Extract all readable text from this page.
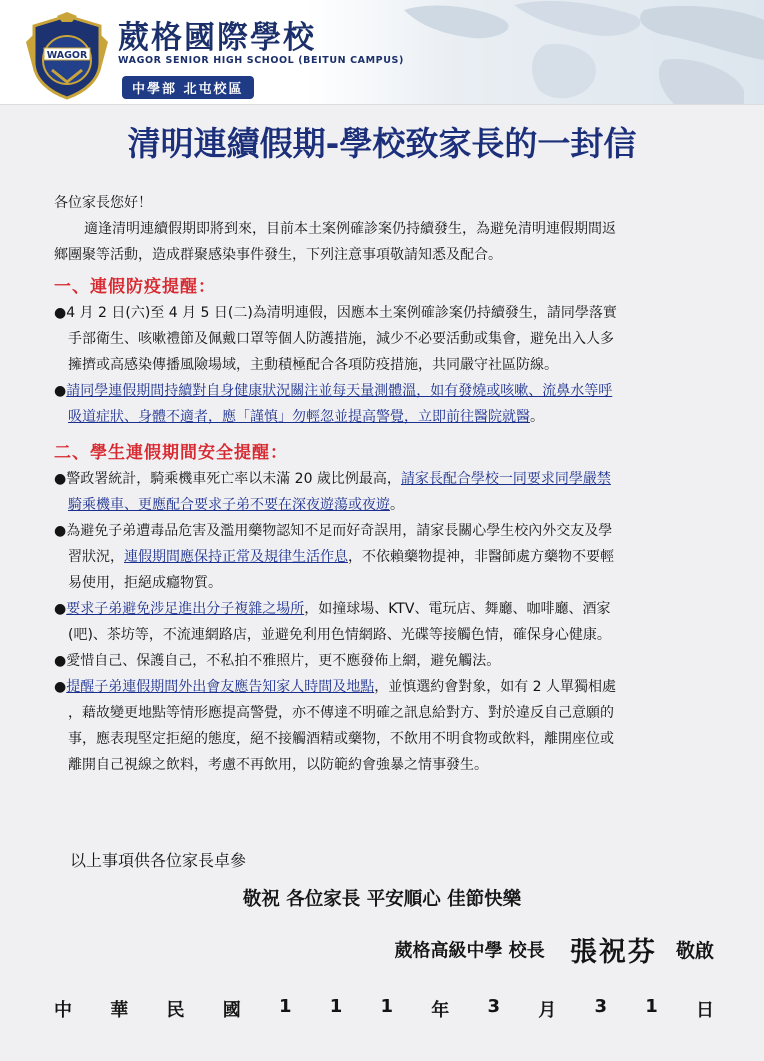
WAGOR 葳格國際學校
WAGOR SENIOR HIGH SCHOOL (BEITUN CAMPUS)
中學部 北屯校區
清明連續假期-學校致家長的一封信
各位家長您好！
適逢清明連續假期即將到來，目前本土案例確診案仍持續發生，為避免清明連假期間返
鄉團聚等活動，造成群聚感染事件發生，下列注意事項敬請知悉及配合。
一、連假防疫提醒：
●4 月 2 日(六)至 4 月 5 日(二)為清明連假，因應本土案例確診案仍持續發生，請同學落實
手部衛生、咳嗽禮節及佩戴口罩等個人防護措施，減少不必要活動或集會，避免出入人多
擁擠或高感染傳播風險場域，主動積極配合各項防疫措施，共同嚴守社區防線。
●請同學連假期間持續對自身健康狀況關注並每天量測體溫，如有發燒或咳嗽、流鼻水等呼
吸道症狀、身體不適者，應「謹慎」勿輕忽並提高警覺，立即前往醫院就醫。
二、學生連假期間安全提醒：
●警政署統計，騎乘機車死亡率以未滿 20 歲比例最高，請家長配合學校一同要求同學嚴禁
騎乘機車、更應配合要求子弟不要在深夜遊蕩或夜遊。
●為避免子弟遭毒品危害及濫用藥物認知不足而好奇誤用，請家長關心學生校內外交友及學
習狀況，連假期間應保持正常及規律生活作息，不依賴藥物提神，非醫師處方藥物不要輕
易使用，拒絕成癮物質。
●要求子弟避免涉足進出分子複雜之場所，如撞球場、KTV、電玩店、舞廳、咖啡廳、酒家
(吧)、茶坊等，不流連網路店，並避免利用色情網路、光碟等接觸色情，確保身心健康。
●愛惜自己、保護自己，不私拍不雅照片，更不應發佈上網，避免觸法。
●提醒子弟連假期間外出會友應告知家人時間及地點，並慎選約會對象，如有 2 人單獨相處
，藉故變更地點等情形應提高警覺，亦不傳達不明確之訊息給對方、對於違反自己意願的
事，應表現堅定拒絕的態度，絕不接觸酒精或藥物，不飲用不明食物或飲料，離開座位或
離開自己視線之飲料，考慮不再飲用，以防範約會強暴之情事發生。
以上事項供各位家長卓參
敬祝 各位家長 平安順心 佳節快樂
葳格高級中學 校長 張祝芬 敬啟
中 華 民 國 1 1 1 年 3 月 3 1 日
